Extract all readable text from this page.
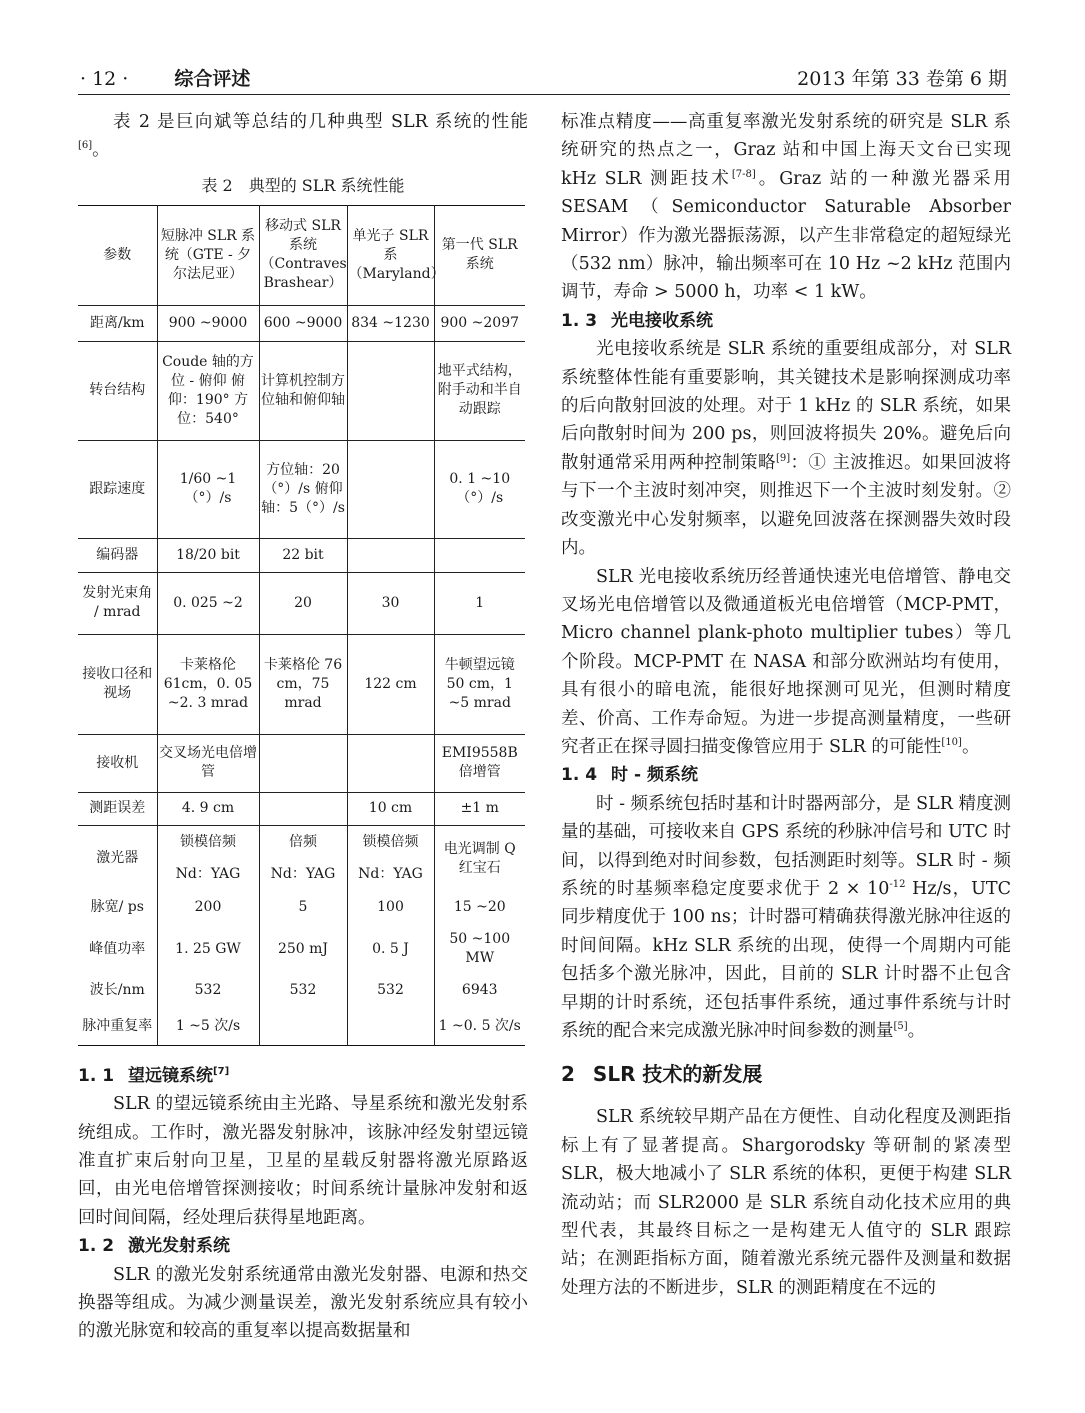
· 12 · 综合评述	2013 年第 33 卷第 6 期

表 2 是巨向斌等总结的几种典型 SLR 系统的性能[6]。

表 2　典型的 SLR 系统性能
参数	短脉冲 SLR 系统（GTE - 夕尔法尼亚）	移动式 SLR 系统（Contraves Brashear）	单光子 SLR 系（Maryland）	第一代 SLR 系统
距离/km	900 ~9000	600 ~9000	834 ~1230	900 ~2097
转台结构	Coude 轴的方位 - 俯仰 俯仰：190° 方位：540°	计算机控制方位轴和俯仰轴		地平式结构，附手动和半自动跟踪
跟踪速度	1/60 ~1（°）/s	方位轴：20（°）/s 俯仰轴：5（°）/s		0. 1 ~10（°）/s
编码器	18/20 bit	22 bit		
发射光束角 / mrad	0. 025 ~2	20	30	1
接收口径和视场	卡莱格伦 61cm，0. 05 ~2. 3 mrad	卡莱格伦 76 cm，75 mrad	122 cm	牛顿望远镜 50 cm，1 ~5 mrad
接收机	交叉场光电倍增管			EMI9558B 倍增管
测距误差	4. 9 cm		10 cm	±1 m
激光器	锁模倍频	倍频	锁模倍频	电光调制 Q 红宝石
	Nd：YAG	Nd：YAG	Nd：YAG	
脉宽/ ps	200	5	100	15 ~20
峰值功率	1. 25 GW	250 mJ	0. 5 J	50 ~100 MW
波长/nm	532	532	532	6943
脉冲重复率	1 ~5 次/s			1 ~0. 5 次/s
1. 1 望远镜系统[7]

SLR 的望远镜系统由主光路、导星系统和激光发射系统组成。工作时，激光器发射脉冲，该脉冲经发射望远镜准直扩束后射向卫星，卫星的星载反射器将激光原路返回，由光电倍增管探测接收；时间系统计量脉冲发射和返回时间间隔，经处理后获得星地距离。

1. 2 激光发射系统

SLR 的激光发射系统通常由激光发射器、电源和热交换器等组成。为减少测量误差，激光发射系统应具有较小的激光脉宽和较高的重复率以提高数据量和

标准点精度——高重复率激光发射系统的研究是 SLR 系统研究的热点之一，Graz 站和中国上海天文台已实现 kHz SLR 测距技术[7-8]。Graz 站的一种激光器采用 SESAM（Semiconductor Saturable Absorber Mirror）作为激光器振荡源，以产生非常稳定的超短绿光（532 nm）脉冲，输出频率可在 10 Hz ~2 kHz 范围内调节，寿命 > 5000 h，功率 < 1 kW。

1. 3 光电接收系统

光电接收系统是 SLR 系统的重要组成部分，对 SLR 系统整体性能有重要影响，其关键技术是影响探测成功率的后向散射回波的处理。对于 1 kHz 的 SLR 系统，如果后向散射时间为 200 ps，则回波将损失 20%。避免后向散射通常采用两种控制策略[9]：① 主波推迟。如果回波将与下一个主波时刻冲突，则推迟下一个主波时刻发射。②改变激光中心发射频率，以避免回波落在探测器失效时段内。

SLR 光电接收系统历经普通快速光电倍增管、静电交叉场光电倍增管以及微通道板光电倍增管（MCP-PMT，Micro channel plank-photo multiplier tubes）等几个阶段。MCP-PMT 在 NASA 和部分欧洲站均有使用，具有很小的暗电流，能很好地探测可见光，但测时精度差、价高、工作寿命短。为进一步提高测量精度，一些研究者正在探寻圆扫描变像管应用于 SLR 的可能性[10]。

1. 4 时 - 频系统

时 - 频系统包括时基和计时器两部分，是 SLR 精度测量的基础，可接收来自 GPS 系统的秒脉冲信号和 UTC 时间，以得到绝对时间参数，包括测距时刻等。SLR 时 - 频系统的时基频率稳定度要求优于 $2 \times 10^{-12}$ Hz/s，UTC 同步精度优于 100 ns；计时器可精确获得激光脉冲往返的时间间隔。kHz SLR 系统的出现，使得一个周期内可能包括多个激光脉冲，因此，目前的 SLR 计时器不止包含早期的计时系统，还包括事件系统，通过事件系统与计时系统的配合来完成激光脉冲时间参数的测量[5]。

2 SLR 技术的新发展

SLR 系统较早期产品在方便性、自动化程度及测距指标上有了显著提高。Shargorodsky 等研制的紧凑型 SLR，极大地减小了 SLR 系统的体积，更便于构建 SLR 流动站；而 SLR2000 是 SLR 系统自动化技术应用的典型代表，其最终目标之一是构建无人值守的 SLR 跟踪站；在测距指标方面，随着激光系统元器件及测量和数据处理方法的不断进步，SLR 的测距精度在不远的
